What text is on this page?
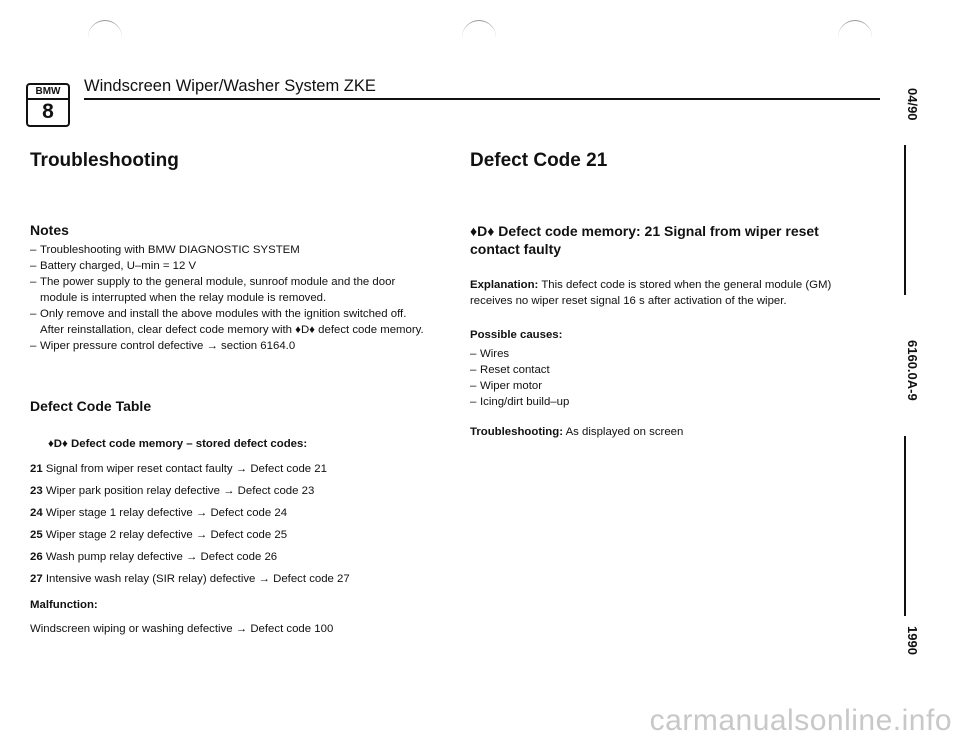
BMW
8
Windscreen Wiper/Washer System ZKE
04/90
6160.0A-9
1990
Troubleshooting
Notes
– Troubleshooting with BMW DIAGNOSTIC SYSTEM
– Battery charged, U–min = 12 V
– The power supply to the general module, sunroof module and the door module is interrupted when the relay module is removed.
– Only remove and install the above modules with the ignition switched off. After reinstallation, clear defect code memory with ♦D♦ defect code memory.
– Wiper pressure control defective → section 6164.0
Defect Code Table
♦D♦ Defect code memory – stored defect codes:
21 Signal from wiper reset contact faulty → Defect code 21
23 Wiper park position relay defective → Defect code 23
24 Wiper stage 1 relay defective → Defect code 24
25 Wiper stage 2 relay defective → Defect code 25
26 Wash pump relay defective → Defect code 26
27 Intensive wash relay (SIR relay) defective → Defect code 27
Malfunction:
Windscreen wiping or washing defective → Defect code 100
Defect Code 21
♦D♦ Defect code memory: 21 Signal from wiper reset contact faulty
Explanation: This defect code is stored when the general module (GM) receives no wiper reset signal 16 s after activation of the wiper.
Possible causes:
– Wires
– Reset contact
– Wiper motor
– Icing/dirt build–up
Troubleshooting: As displayed on screen
carmanualsonline.info
